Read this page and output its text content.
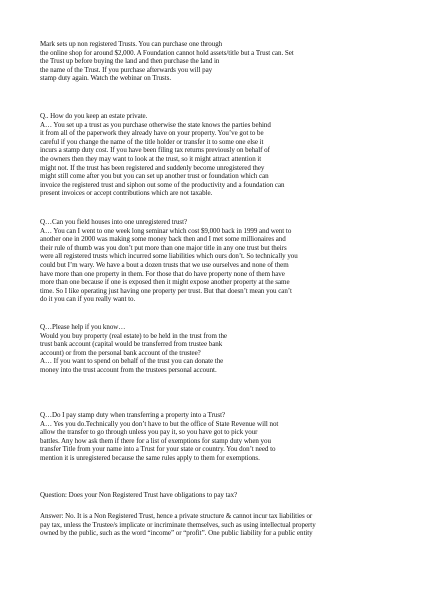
Mark sets up non registered Trusts. You can purchase one through
the online shop for around $2,000. A Foundation cannot hold assets/title but a Trust can. Set
the Trust up before buying the land and then purchase the land in
the name of the Trust. If you purchase afterwards you will pay
stamp duty again. Watch the webinar on Trusts.
Q.. How do you keep an estate private.
A… You set up a trust as you purchase otherwise the state knows the parties behind
it from all of the paperwork they already have on your property. You’ve got to be
careful if you change the name of the title holder or transfer it to some one else it
incurs a stamp duty cost. If you have been filing tax returns previously on behalf of
the owners then they may want to look at the trust, so it might attract attention it
might not. If the trust has been registered and suddenly become unregistered they
might still come after you but you can set up another trust or foundation which can
invoice the registered trust and siphon out some of the productivity and a foundation can
present invoices or accept contributions which are not taxable.
Q…Can you field houses into one unregistered trust?
A… You can I went to one week long seminar which cost $9,000 back in 1999 and went to
another one in 2000 was making some money back then and I met some millionaires and
their rule of thumb was you don’t put more than one major title in any one trust but theirs
were all registered trusts which incurred some liabilities which ours don’t. So technically you
could but I’m wary. We have a bout a dozen trusts that we use ourselves and none of them
have more than one property in them. For those that do have property none of them have
more than one because if one is exposed then it might expose another property at the same
time. So I like operating just having one property per trust. But that doesn’t mean you can’t
do it you can if you really want to.
Q…Please help if you know…
Would you buy property (real estate) to be held in the trust from the
trust bank account (capital would be transferred from trustee bank
account) or from the personal bank account of the trustee?
A… If you want to spend on behalf of the trust you can donate the
money into the trust account from the trustees personal account.
Q…Do I pay stamp duty when transferring a property into a Trust?
A… Yes you do.Technically you don’t have to but the office of State Revenue will not
allow the transfer to go through unless you pay it, so you have got to pick your
battles. Any how ask them if there for a list of exemptions for stamp duty when you
transfer Title from your name into a Trust for your state or country. You don’t need to
mention it is unregistered because the same rules apply to them for exemptions.
Question: Does your Non Registered Trust have obligations to pay tax?
Answer: No. It is a Non Registered Trust, hence a private structure & cannot incur tax liabilities or
pay tax, unless the Trustee/s implicate or incriminate themselves, such as using intellectual property
owned by the public, such as the word “income” or “profit”. One public liability for a public entity
